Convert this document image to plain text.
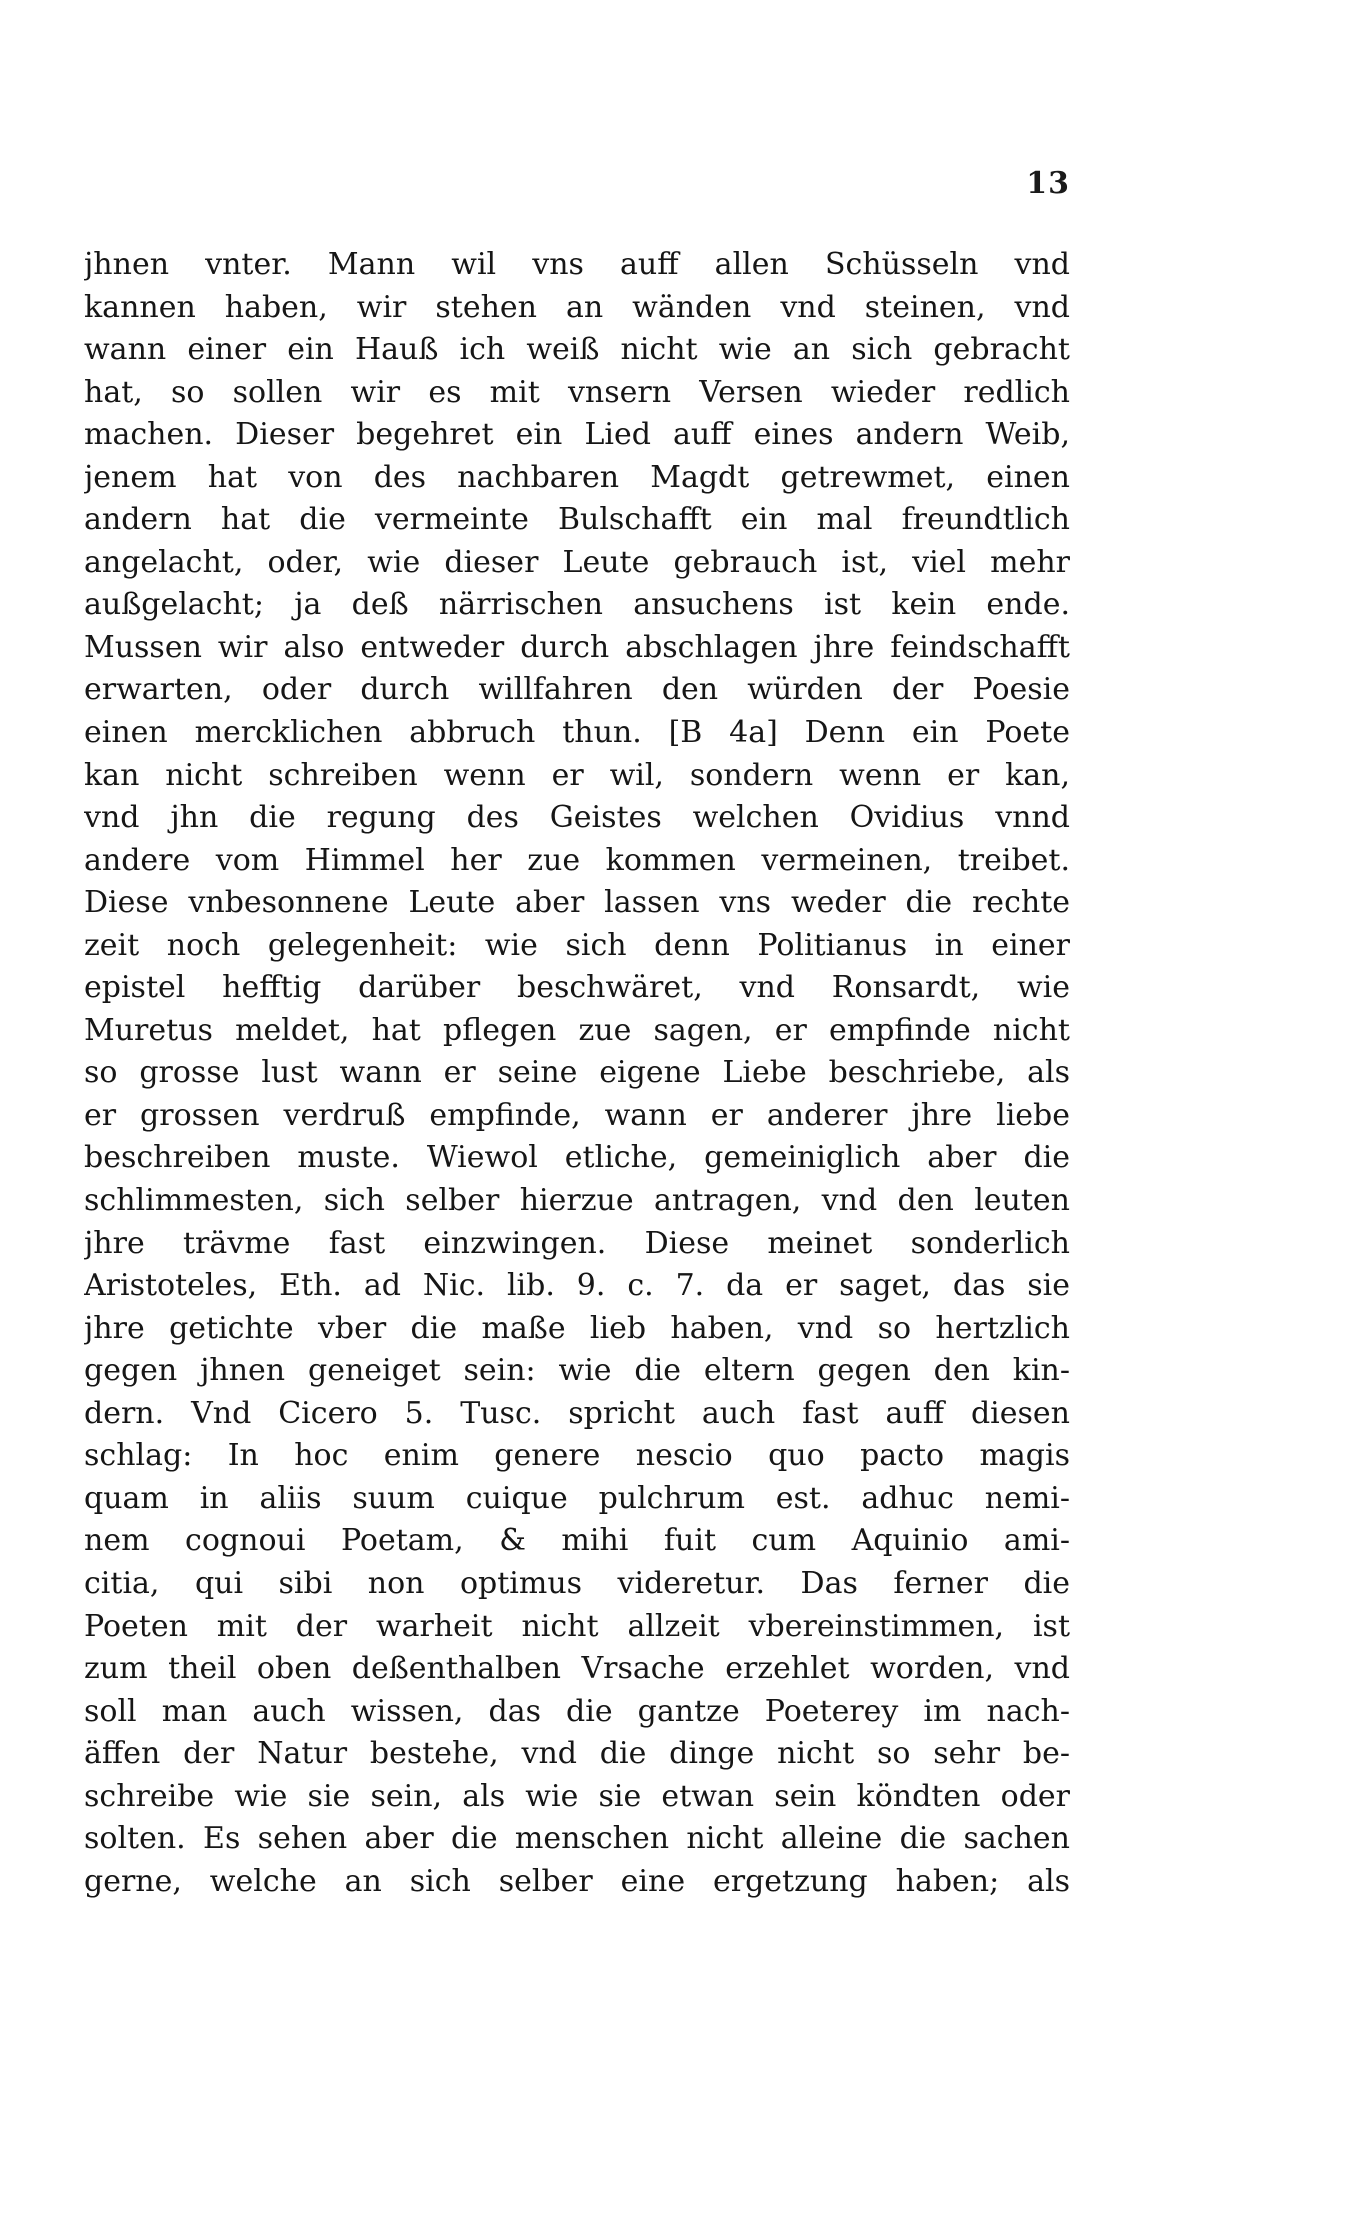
13
jhnen vnter. Mann wil vns auff allen Schüsseln vnd
kannen haben, wir stehen an wänden vnd steinen, vnd
wann einer ein Hauß ich weiß nicht wie an sich gebracht
hat, so sollen wir es mit vnsern Versen wieder redlich
machen. Dieser begehret ein Lied auff eines andern Weib,
jenem hat von des nachbaren Magdt getrewmet, einen
andern hat die vermeinte Bulschafft ein mal freundtlich
angelacht, oder, wie dieser Leute gebrauch ist, viel mehr
außgelacht; ja deß närrischen ansuchens ist kein ende.
Mussen wir also entweder durch abschlagen jhre feindschafft
erwarten, oder durch willfahren den würden der Poesie
einen mercklichen abbruch thun. [B 4a] Denn ein Poete
kan nicht schreiben wenn er wil, sondern wenn er kan,
vnd jhn die regung des Geistes welchen Ovidius vnnd
andere vom Himmel her zue kommen vermeinen, treibet.
Diese vnbesonnene Leute aber lassen vns weder die rechte
zeit noch gelegenheit: wie sich denn Politianus in einer
epistel hefftig darüber beschwäret, vnd Ronsardt, wie
Muretus meldet, hat pflegen zue sagen, er empfinde nicht
so grosse lust wann er seine eigene Liebe beschriebe, als
er grossen verdruß empfinde, wann er anderer jhre liebe
beschreiben muste. Wiewol etliche, gemeiniglich aber die
schlimmesten, sich selber hierzue antragen, vnd den leuten
jhre trävme fast einzwingen. Diese meinet sonderlich
Aristoteles, Eth. ad Nic. lib. 9. c. 7. da er saget, das sie
jhre getichte vber die maße lieb haben, vnd so hertzlich
gegen jhnen geneiget sein: wie die eltern gegen den kin-
dern. Vnd Cicero 5. Tusc. spricht auch fast auff diesen
schlag: In hoc enim genere nescio quo pacto magis
quam in aliis suum cuique pulchrum est. adhuc nemi-
nem cognoui Poetam, & mihi fuit cum Aquinio ami-
citia, qui sibi non optimus videretur. Das ferner die
Poeten mit der warheit nicht allzeit vbereinstimmen, ist
zum theil oben deßenthalben Vrsache erzehlet worden, vnd
soll man auch wissen, das die gantze Poeterey im nach-
äffen der Natur bestehe, vnd die dinge nicht so sehr be-
schreibe wie sie sein, als wie sie etwan sein köndten oder
solten. Es sehen aber die menschen nicht alleine die sachen
gerne, welche an sich selber eine ergetzung haben; als
